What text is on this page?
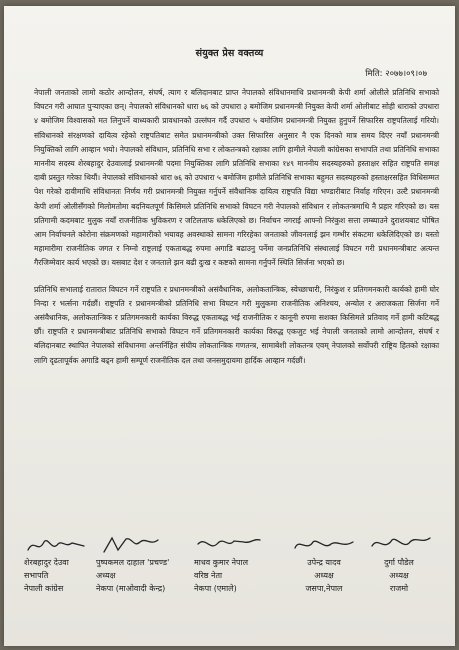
संयुक्त प्रेस वक्तव्य
मिति: २०७७।०९।०७

नेपाली जनताको लामो कठोर आन्दोलन, संघर्ष, त्याग र बलिदानबाट प्राप्त नेपालको संविधानमाथि प्रधानमन्त्री केपी शर्मा ओलीले प्रतिनिधि सभाको विघटन गरी आघात पुर्‍याएका छन्। नेपालको संविधानको धारा ७६ को उपधारा ३ बमोजिम प्रधानमन्त्री नियुक्त केपी शर्मा ओलीबाट सोही धाराको उपधारा ४ बमोजिम विश्वासको मत लिनुपर्ने बाध्यकारी प्रावधानको उल्लंघन गर्दै उपधारा ५ बमोजिम प्रधानमन्त्री नियुक्त हुनुपर्ने सिफारिस राष्ट्रपतिलाई गरियो। संविधानको संरक्षणको दायित्व रहेको राष्ट्रपतिबाट समेत प्रधानमन्त्रीको उक्त सिफारिस अनुसार नै एक दिनको मात्र समय दिएर नयाँ प्रधानमन्त्री नियुक्तिको लागि आव्हान भयो। नेपालको संविधान, प्रतिनिधि सभा र लोकतन्त्रको रक्षाका लागि हामीले नेपाली कांग्रेसका सभापति तथा प्रतिनिधि सभाका माननीय सदस्य शेरबहादुर देउवालाई प्रधानमन्त्री पदमा नियुक्तिका लागि प्रतिनिधि सभाका १४९ माननीय सदस्यहरुको हस्ताक्षर सहित राष्ट्रपति समक्ष दाबी प्रस्तुत गरेका थियौं। नेपालको संविधानको धारा ७६ को उपधारा ५ बमोजिम हामीले प्रतिनिधि सभाका बहुमत सदस्यहरुको हस्ताक्षरसहित विधिसम्मत पेश गरेको दावीमाथि संविधानतः निर्णय गरी प्रधानमन्त्री नियुक्त गर्नुपर्ने संवैधानिक दायित्व राष्ट्रपति विद्या भण्डारीबाट निर्वाह गरिएन। उल्टै प्रधानमन्त्री केपी शर्मा ओलीसँगको मिलोमतोमा बदनियतपूर्ण किसिमले प्रतिनिधि सभाको विघटन गरी नेपालको संविधान र लोकतन्त्रमाथि नै प्रहार गरिएको छ। यस प्रतिगामी कदमबाट मुलुक नयाँ राजनीतिक भुविकरण र जटिलताफ धकेलिएको छ। निर्वाचन नगराई आफ्नो निरंकुश सत्ता लम्ब्याउने दुराशयबाट घोषित आम निर्वाचनले कोरोना संक्रमणको महामारीको भयावह अवस्थाको सामना गरिरहेका जनताको जीवनलाई झन गम्भीर संकटमा धकेलिदिएको छ। यस्तो महामारीमा राजनीतिक जगत र निम्नो राष्ट्रलाई एकताबद्ध रुपमा अगाडि बढाउनु पर्नेमा जनप्रतिनिधि संस्थालाई विघटन गरी प्रधानमन्त्रीबाट अत्यन्त गैरजिम्मेवार कार्य भएको छ। यसबाट देश र जनताले झन बढी दुःख र कष्टको सामना गर्नुपर्ने स्थिति सिर्जना भएको छ।

प्रतिनिधि सभालाई रातारात विघटन गर्ने राष्ट्रपति र प्रधानमन्त्रीको असंवैधानिक, अलोकतान्त्रिक, स्वेच्छाचारी, निरंकुश र प्रतिगमनकारी कार्यको हामी घोर निन्दा र भर्त्सना गर्दछौं। राष्ट्रपति र प्रधानमन्त्रीको प्रतिनिधि सभा विघटन गरी मुलुकमा राजनीतिक अनिश्चय, अन्योल र अराजकता सिर्जना गर्ने असंवैधानिक, अलोकतान्त्रिक र प्रतिगमनकारी कार्यका विरुद्ध एकताबद्ध भई राजनीतिक र कानूनी रुपमा सशक्त किसिमले प्रतिवाद गर्ने हामी कटिबद्ध छौं। राष्ट्रपति र प्रधानमन्त्रीबाट प्रतिनिधि सभाको विघटन गर्ने प्रतिगमनकारी कार्यका विरुद्ध एकजुट भई नेपाली जनताको लामो आन्दोलन, संघर्ष र बलिदानबाट स्थापित नेपालको संविधानमा अन्तर्निहित संघीय लोकतान्त्रिक गणतन्त्र, सामाबेशी लोकतन्त्र एवम् नेपालको सर्वोपरी राष्ट्रिय हितको रक्षाका लागि दृढतापूर्वक अगाडि बढ्न हामी सम्पूर्ण राजनीतिक दल तथा जनसमुदायमा हार्दिक आव्हान गर्दछौं।

शेरबहादुर देउवा
सभापति
नेपाली कांग्रेस
पुष्पकमल दाहाल 'प्रचण्ड'
अध्यक्ष
नेकपा (माओवादी केन्द्र)
माधव कुमार नेपाल
वरिष्ठ नेता
नेकपा (एमाले)
उपेन्द्र यादव
अध्यक्ष
जसपा,नेपाल
दुर्गा पौडेल
अध्यक्ष
राजमो
